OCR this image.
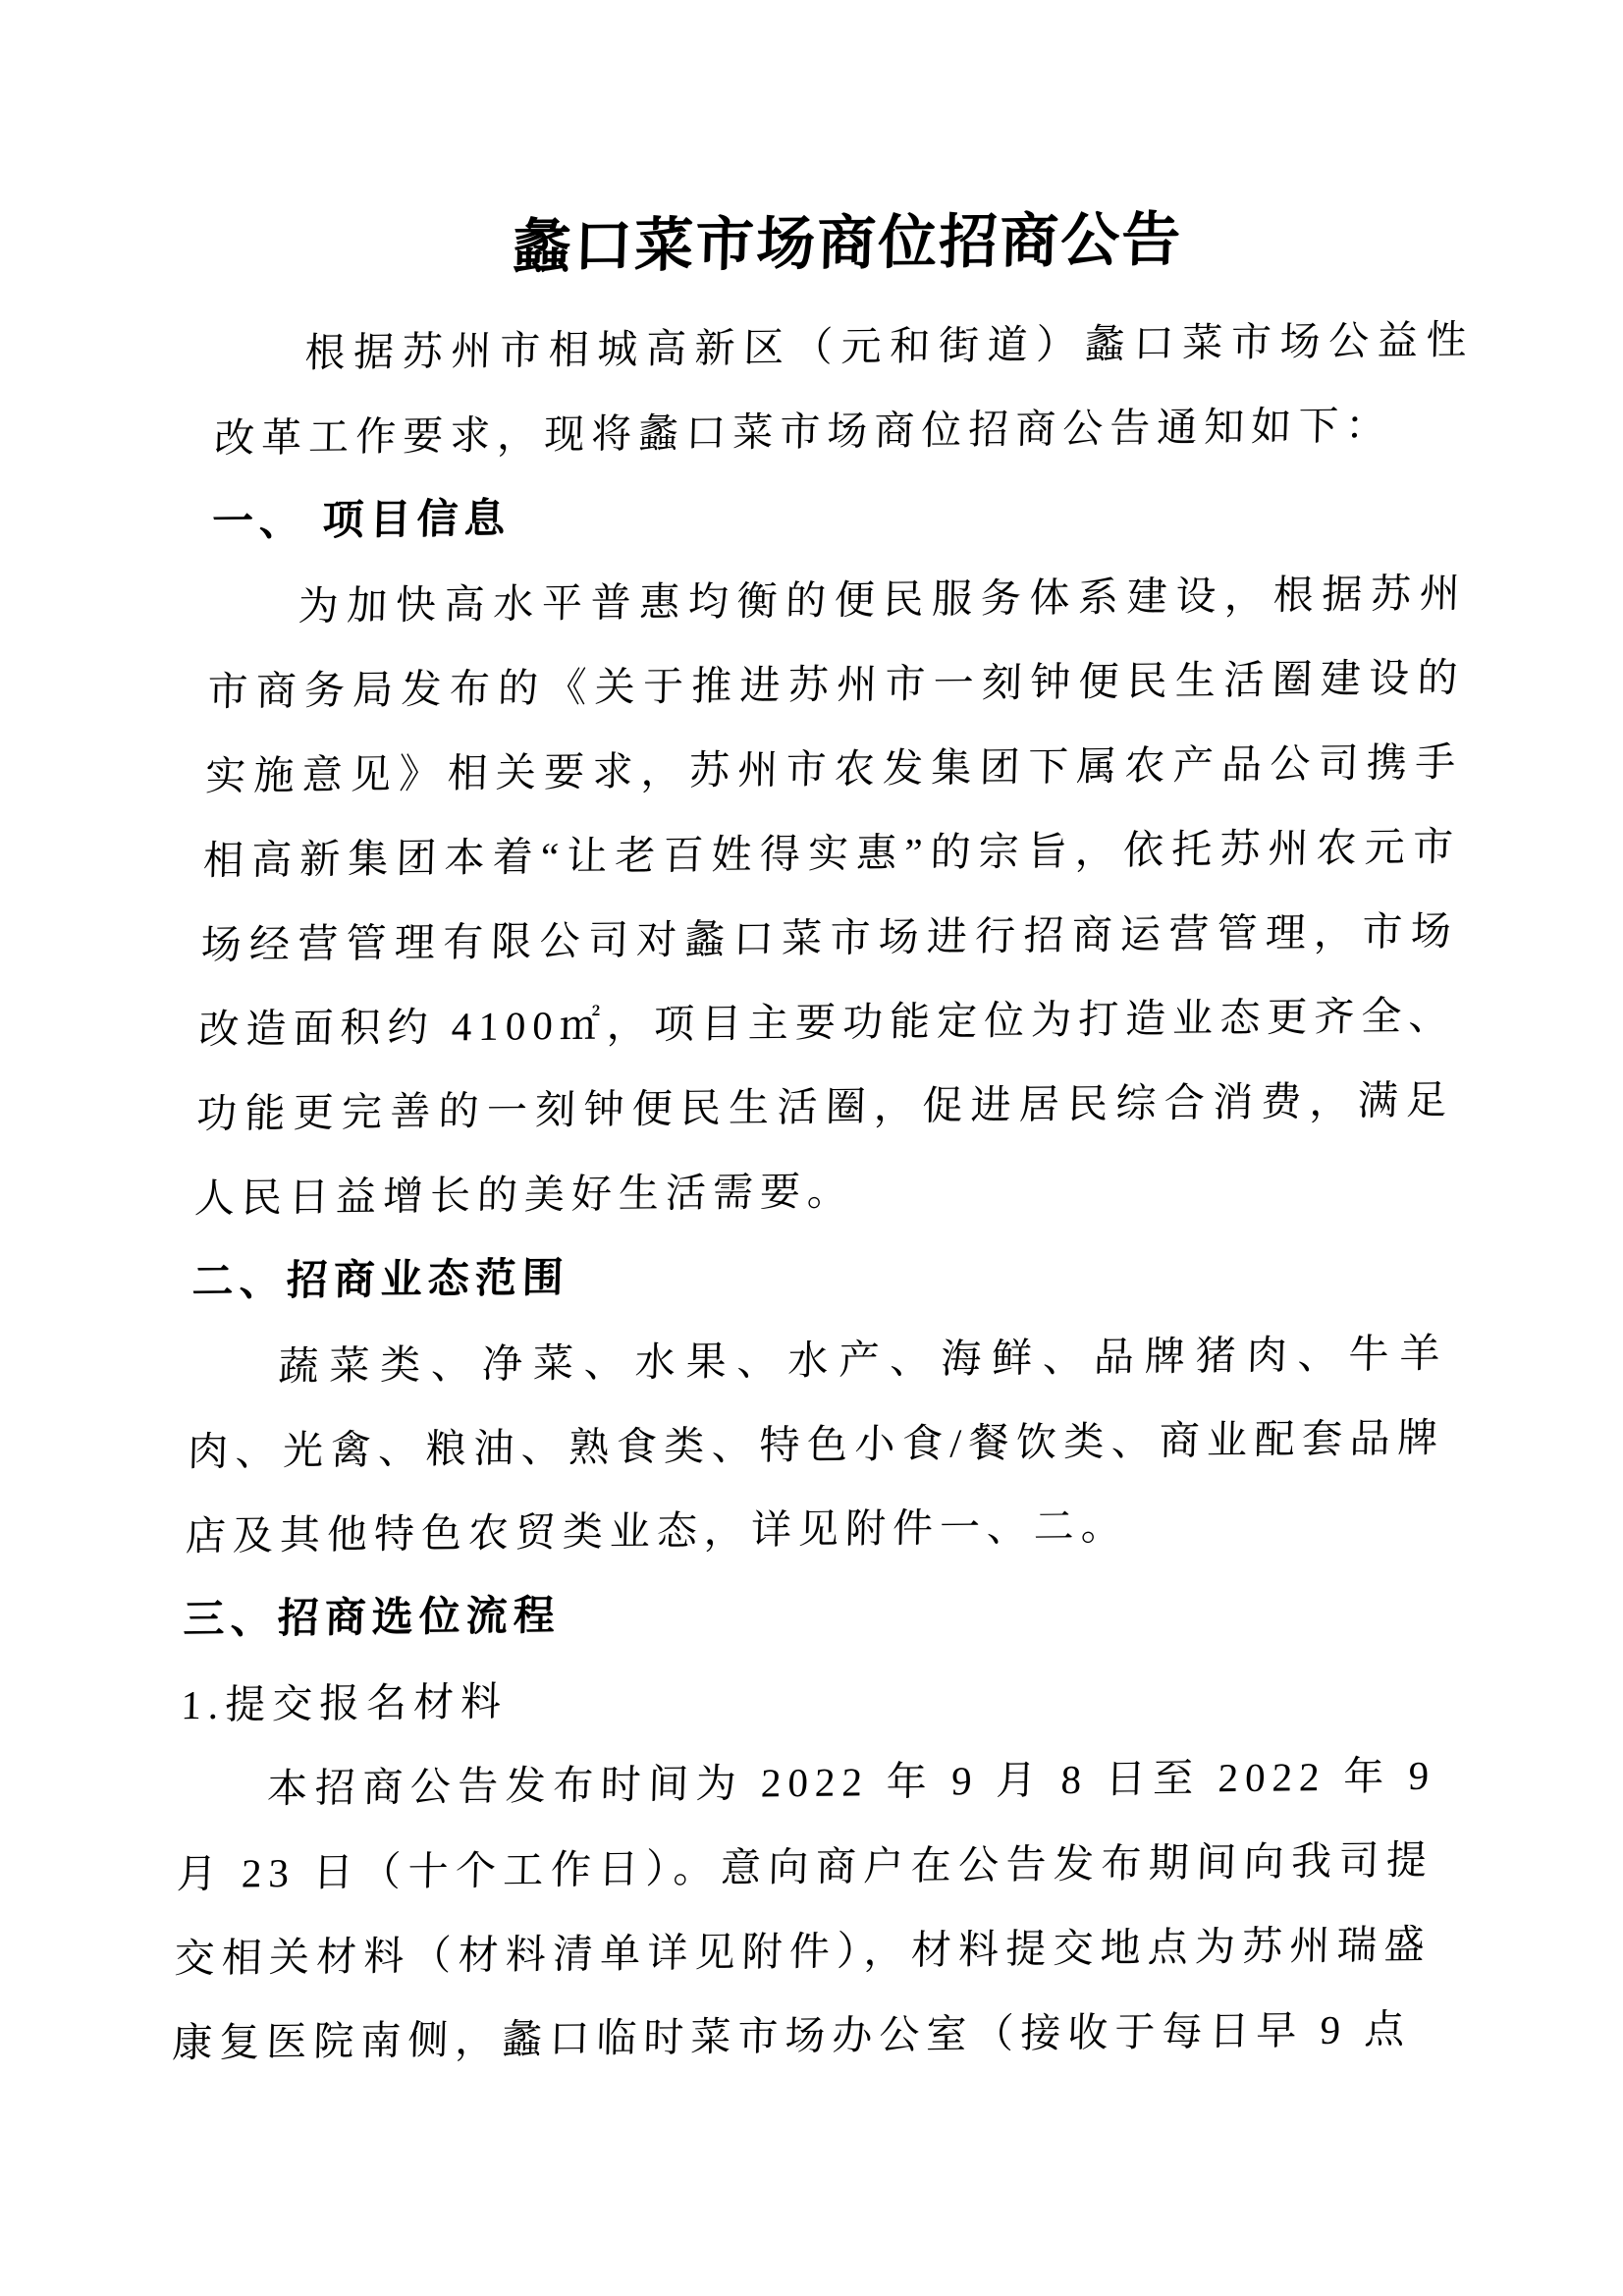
蠡口菜市场商位招商公告

根据苏州市相城高新区（元和街道）蠡口菜市场公益性改革工作要求，现将蠡口菜市场商位招商公告通知如下：

一、 项目信息

为加快高水平普惠均衡的便民服务体系建设，根据苏州市商务局发布的《关于推进苏州市一刻钟便民生活圈建设的实施意见》相关要求，苏州市农发集团下属农产品公司携手相高新集团本着“让老百姓得实惠”的宗旨，依托苏州农元市场经营管理有限公司对蠡口菜市场进行招商运营管理，市场改造面积约 4100㎡，项目主要功能定位为打造业态更齐全、功能更完善的一刻钟便民生活圈，促进居民综合消费，满足人民日益增长的美好生活需要。

二、招商业态范围

蔬菜类、净菜、水果、水产、海鲜、品牌猪肉、牛羊肉、光禽、粮油、熟食类、特色小食/餐饮类、商业配套品牌店及其他特色农贸类业态，详见附件一、二。

三、招商选位流程

1.提交报名材料

本招商公告发布时间为 2022 年 9 月 8 日至 2022 年 9 月 23 日（十个工作日）。意向商户在公告发布期间向我司提交相关材料（材料清单详见附件），材料提交地点为苏州瑞盛康复医院南侧，蠡口临时菜市场办公室（接收于每日早 9 点
